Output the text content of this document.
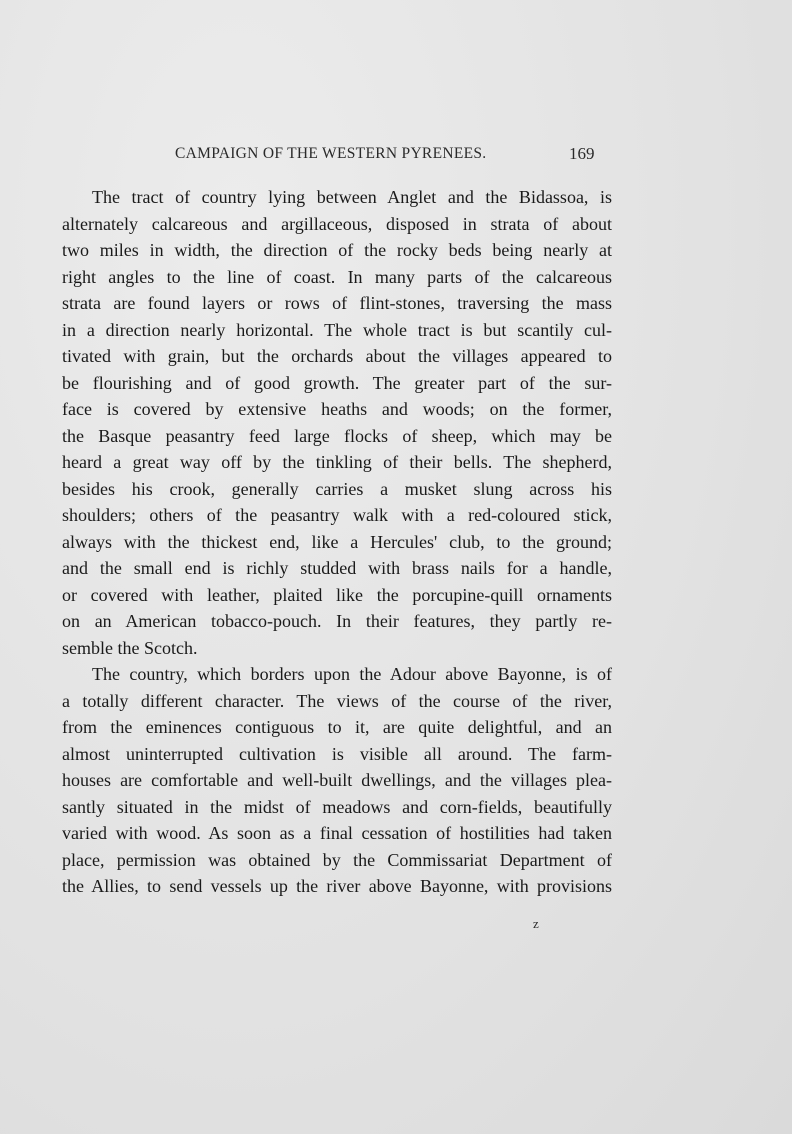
CAMPAIGN OF THE WESTERN PYRENEES.	169
The tract of country lying between Anglet and the Bidassoa, is
alternately calcareous and argillaceous, disposed in strata of about
two miles in width, the direction of the rocky beds being nearly at
right angles to the line of coast. In many parts of the calcareous
strata are found layers or rows of flint-stones, traversing the mass
in a direction nearly horizontal. The whole tract is but scantily cul-
tivated with grain, but the orchards about the villages appeared to
be flourishing and of good growth. The greater part of the sur-
face is covered by extensive heaths and woods; on the former,
the Basque peasantry feed large flocks of sheep, which may be
heard a great way off by the tinkling of their bells. The shepherd,
besides his crook, generally carries a musket slung across his
shoulders; others of the peasantry walk with a red-coloured stick,
always with the thickest end, like a Hercules' club, to the ground;
and the small end is richly studded with brass nails for a handle,
or covered with leather, plaited like the porcupine-quill ornaments
on an American tobacco-pouch. In their features, they partly re-
semble the Scotch.
The country, which borders upon the Adour above Bayonne, is of
a totally different character. The views of the course of the river,
from the eminences contiguous to it, are quite delightful, and an
almost uninterrupted cultivation is visible all around. The farm-
houses are comfortable and well-built dwellings, and the villages plea-
santly situated in the midst of meadows and corn-fields, beautifully
varied with wood. As soon as a final cessation of hostilities had taken
place, permission was obtained by the Commissariat Department of
the Allies, to send vessels up the river above Bayonne, with provisions
z
